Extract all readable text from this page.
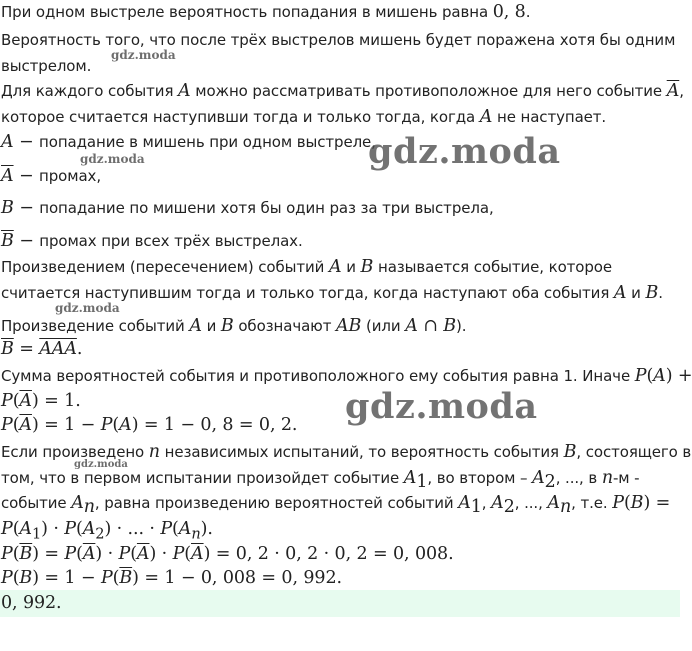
При одном выстреле вероятность попадания в мишень равна 0, 8.
Вероятность того, что после трёх выстрелов мишень будет поражена хотя бы одним
выстрелом.
Для каждого события A можно рассматривать противоположное для него событие $\overline{A}$,
которое считается наступивши тогда и только тогда, когда A не наступает.
A − попадание в мишень при одном выстреле,
$\overline{A}$ − промах,
B − попадание по мишени хотя бы один раз за три выстрела,
$\overline{B}$ − промах при всех трёх выстрелах.
Произведением (пересечением) событий A и B называется событие, которое
считается наступившим тогда и только тогда, когда наступают оба события A и B.
Произведение событий A и B обозначают AB (или A ∩ B).
$\overline{B} = \overline{AAA}$.
Сумма вероятностей события и противоположного ему события равна 1. Иначе P(A) +
$P(\overline{A}) = 1$.
$P(\overline{A}) = 1 - P(A) = 1 - 0$, 8 = 0, 2.
Если произведено n независимых испытаний, то вероятность события B, состоящего в
том, что в первом испытании произойдет событие $A_1$, во втором – $A_2$, ..., в n-м -
событие $A_n$, равна произведению вероятностей событий $A_1$, $A_2$, ..., $A_n$, т.е. P(B) =
$P(A_1) \cdot P(A_2)$ · ... · $P(A_n)$.
$P(\overline{B}) = P(\overline{A}) \cdot P(\overline{A}) \cdot P(\overline{A}) = 0$, 2 · 0, 2 · 0, 2 = 0, 008.
$P(B) = 1 - P(\overline{B}) = 1 - 0$, 008 = 0, 992.
0, 992.
gdz.moda
gdz.moda
gdz.moda
gdz.moda
gdz.moda
gdz.moda
